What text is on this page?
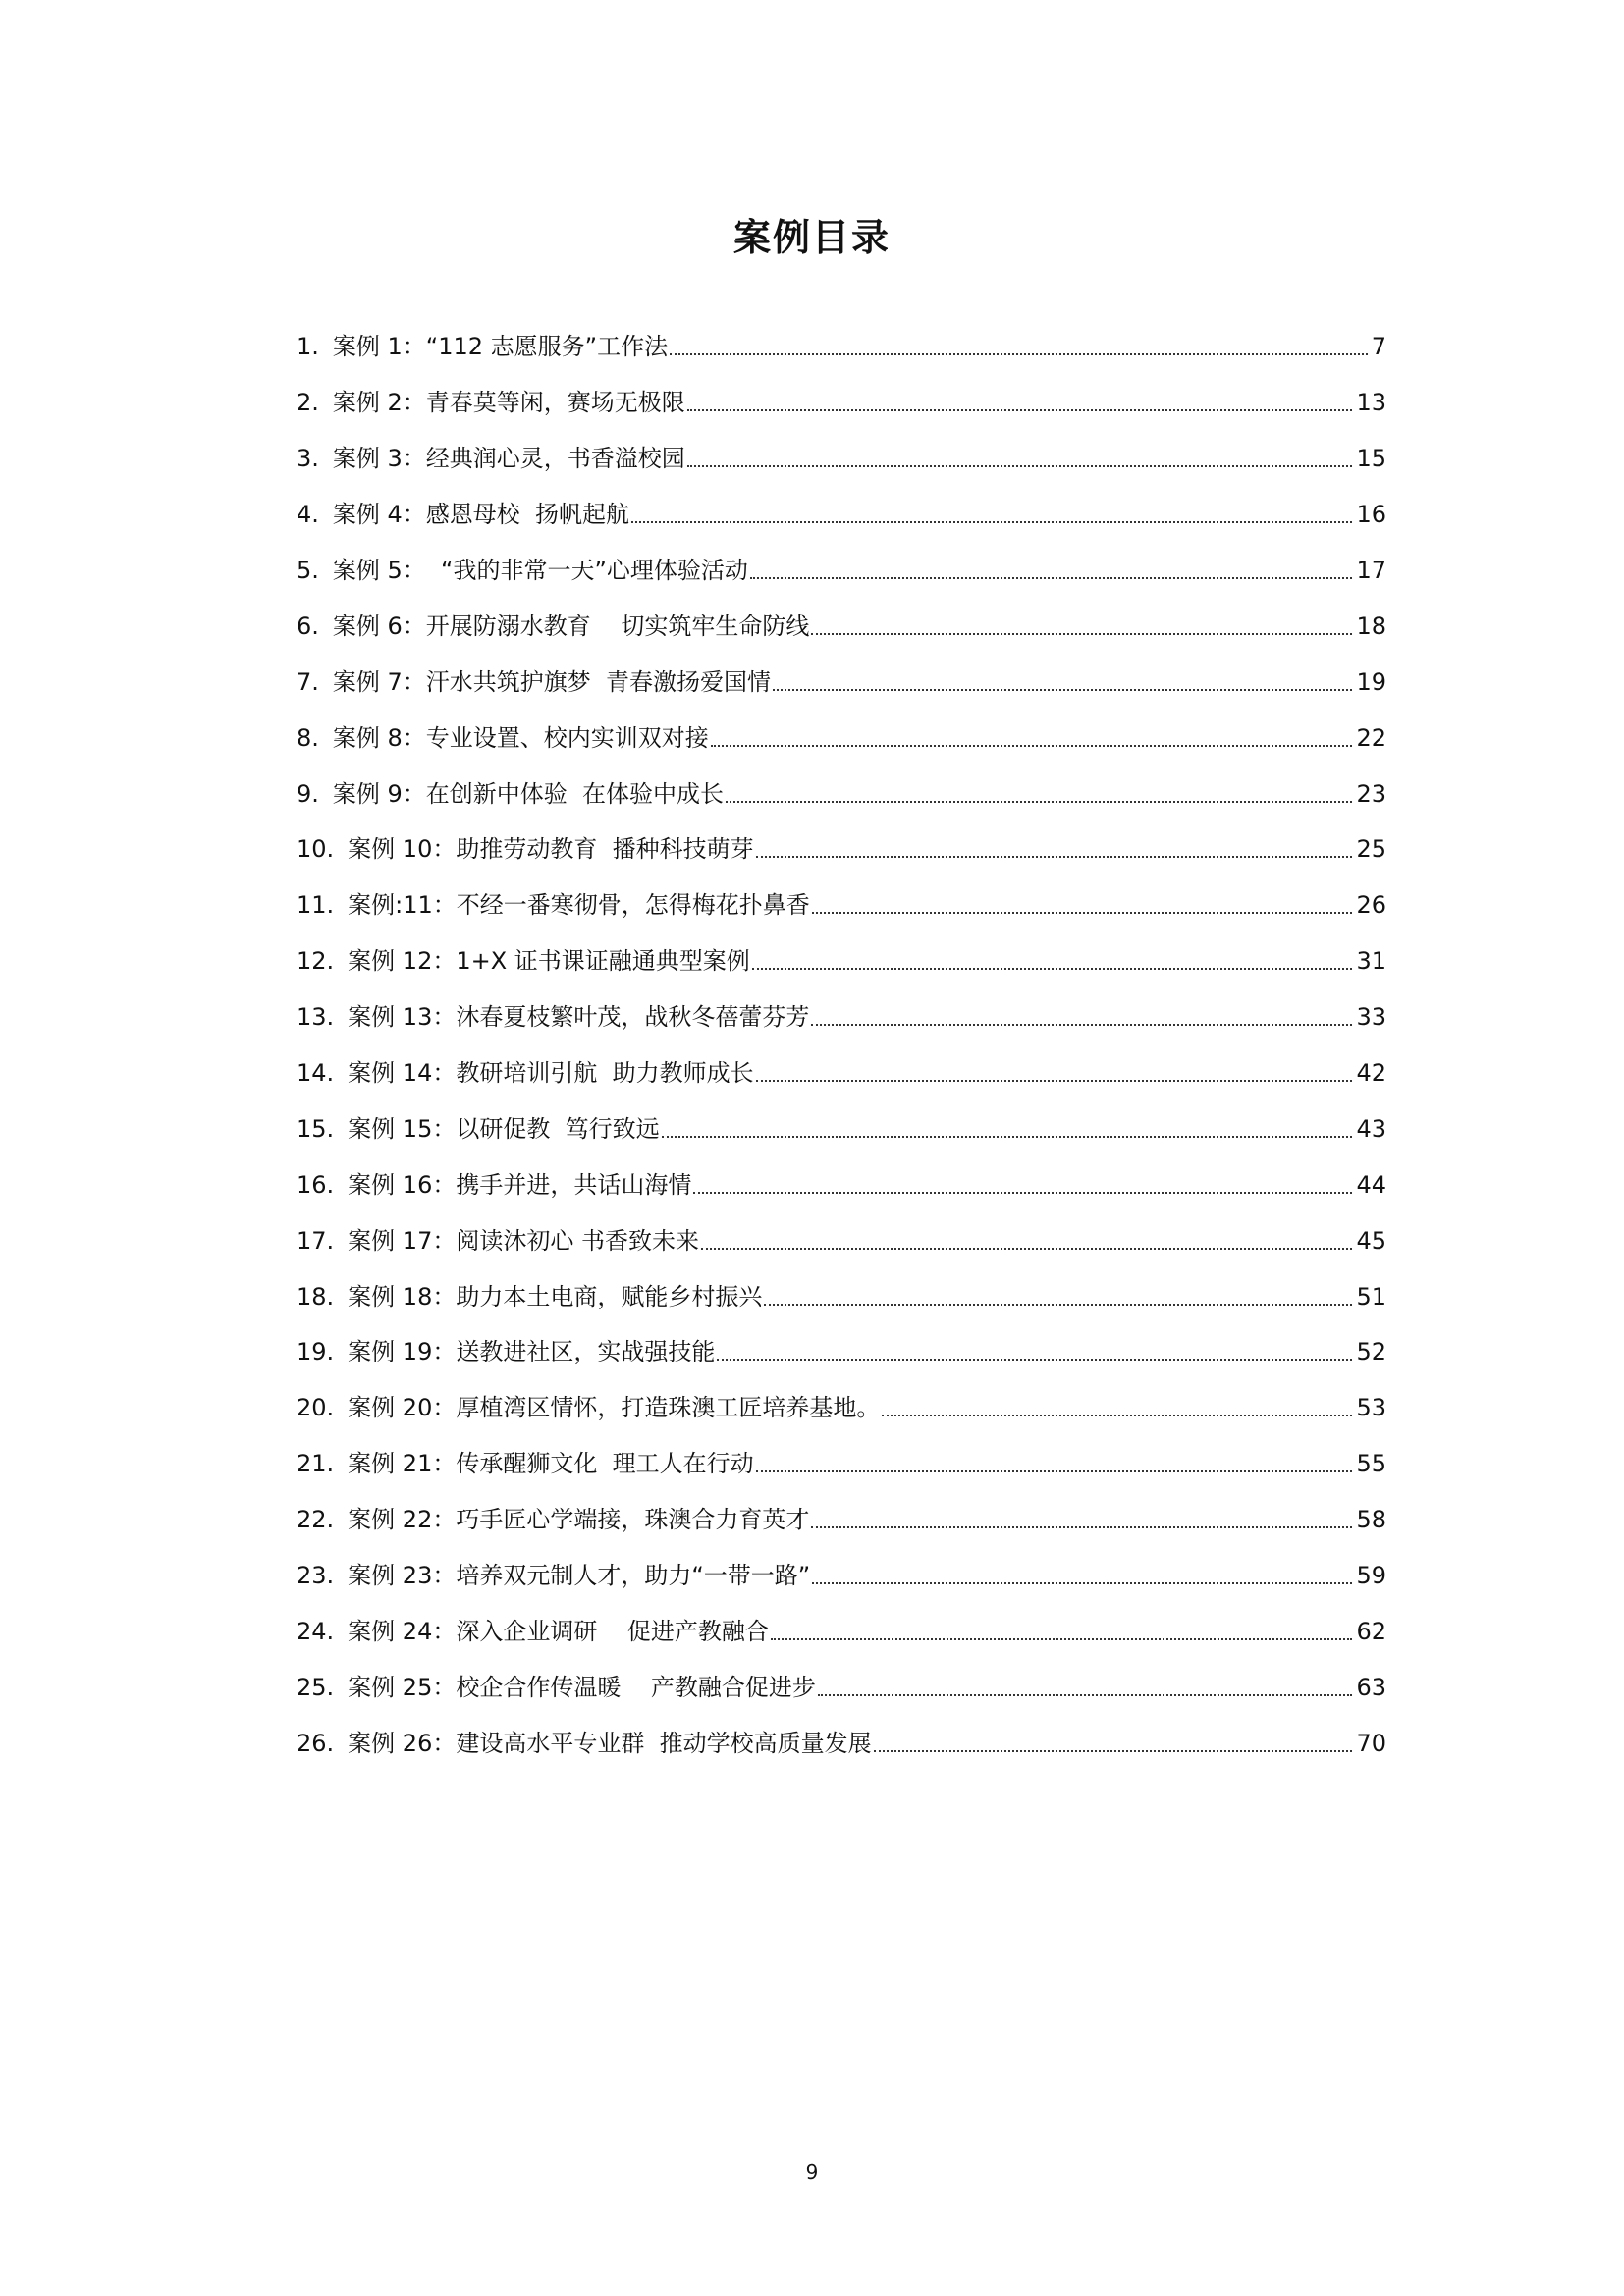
案例目录
1. 案例 1：“112 志愿服务”工作法	7
2. 案例 2：青春莫等闲，赛场无极限	13
3. 案例 3：经典润心灵，书香溢校园	15
4. 案例 4：感恩母校  扬帆起航	16
5. 案例 5：  “我的非常一天”心理体验活动	17
6. 案例 6：开展防溺水教育    切实筑牢生命防线	18
7. 案例 7：汗水共筑护旗梦  青春激扬爱国情	19
8. 案例 8：专业设置、校内实训双对接	22
9. 案例 9：在创新中体验  在体验中成长	23
10. 案例 10：助推劳动教育  播种科技萌芽	25
11. 案例:11：不经一番寒彻骨，怎得梅花扑鼻香	26
12. 案例 12：1+X 证书课证融通典型案例	31
13. 案例 13：沐春夏枝繁叶茂，战秋冬蓓蕾芬芳	33
14. 案例 14：教研培训引航  助力教师成长	42
15. 案例 15：以研促教  笃行致远	43
16. 案例 16：携手并进，共话山海情	44
17. 案例 17：阅读沐初心 书香致未来	45
18. 案例 18：助力本土电商，赋能乡村振兴	51
19. 案例 19：送教进社区，实战强技能	52
20. 案例 20：厚植湾区情怀，打造珠澳工匠培养基地。	53
21. 案例 21：传承醒狮文化  理工人在行动	55
22. 案例 22：巧手匠心学端接，珠澳合力育英才	58
23. 案例 23：培养双元制人才，助力“一带一路”	59
24. 案例 24：深入企业调研    促进产教融合	62
25. 案例 25：校企合作传温暖    产教融合促进步	63
26. 案例 26：建设高水平专业群  推动学校高质量发展	70
9
